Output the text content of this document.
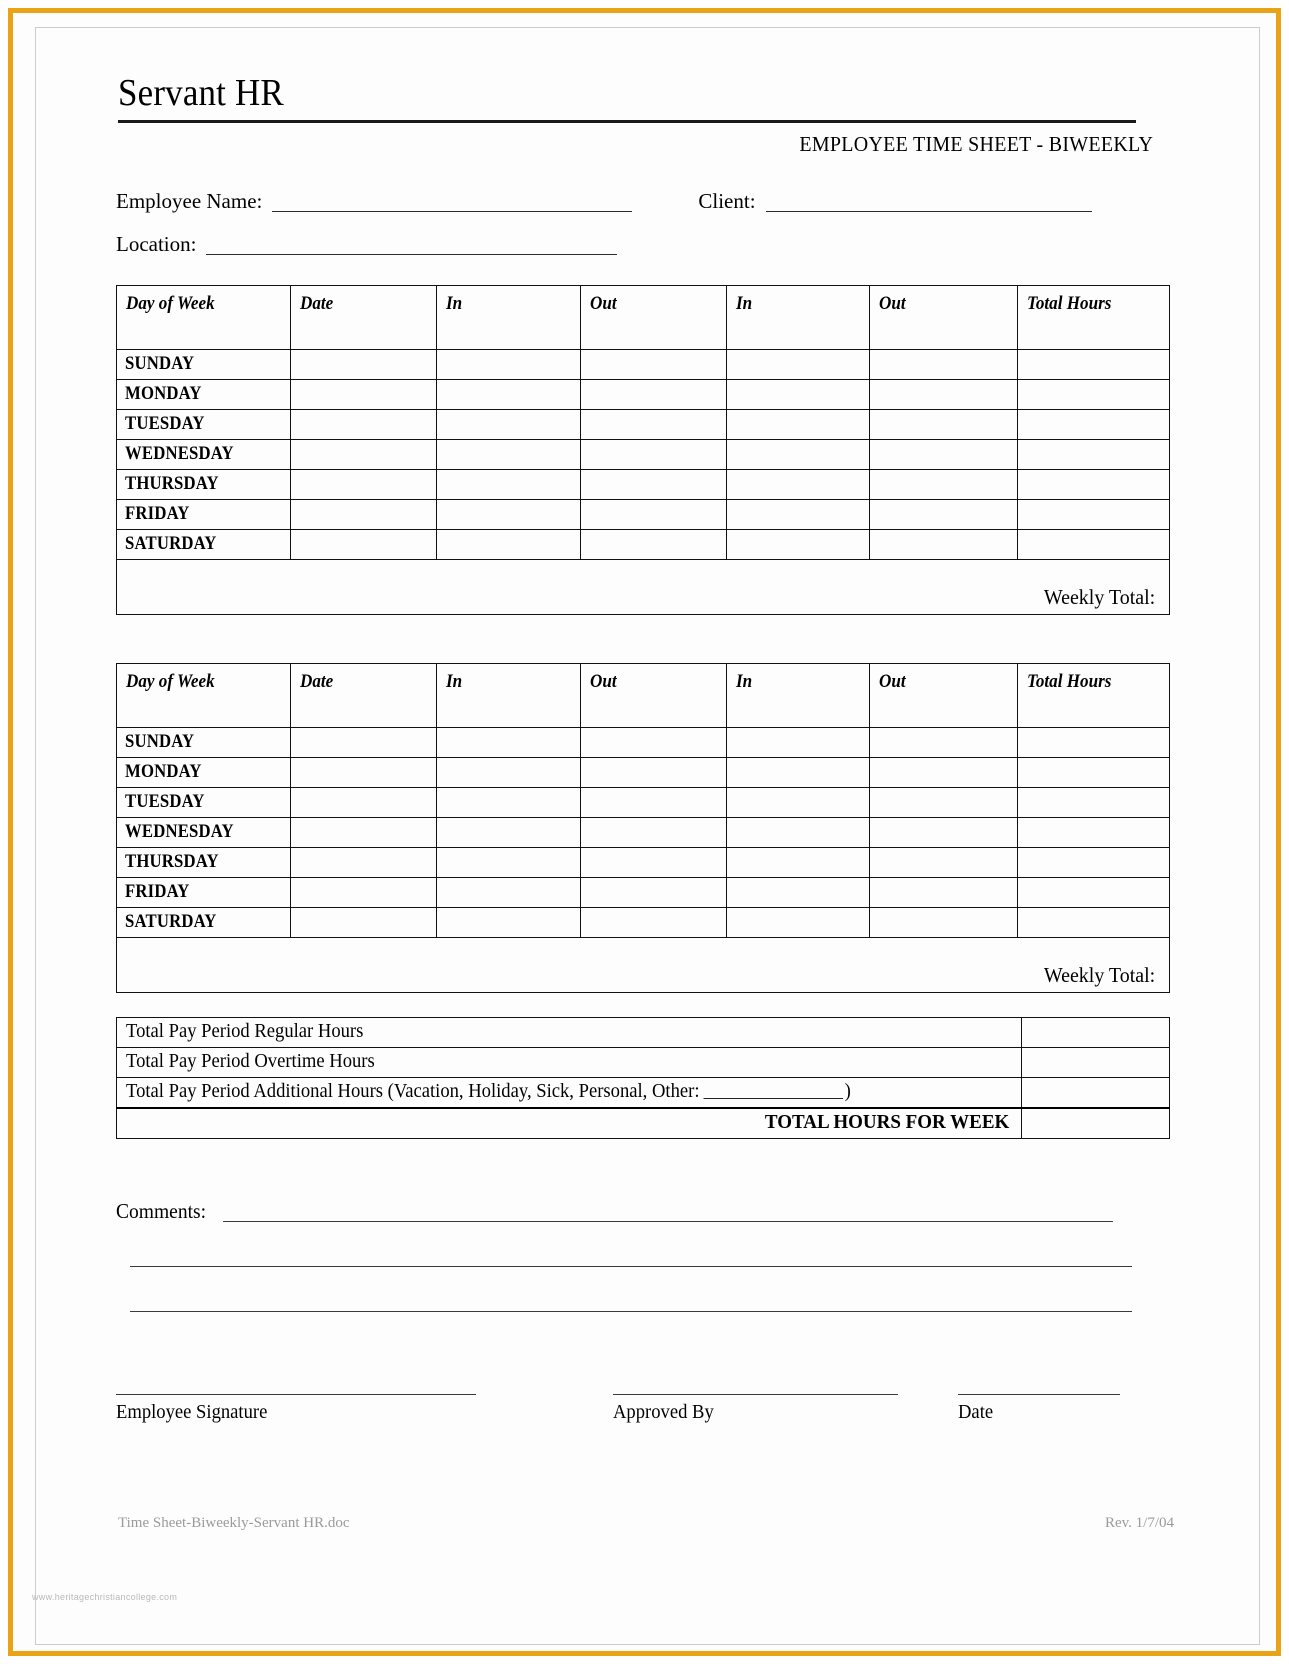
Servant HR
EMPLOYEE TIME SHEET - BIWEEKLY
Employee Name:	Client:
Location:
Day of Week	Date	In	Out	In	Out	Total Hours
SUNDAY						
MONDAY						
TUESDAY						
WEDNESDAY						
THURSDAY						
FRIDAY						
SATURDAY						
Weekly Total:						
Day of Week	Date	In	Out	In	Out	Total Hours
SUNDAY						
MONDAY						
TUESDAY						
WEDNESDAY						
THURSDAY						
FRIDAY						
SATURDAY						
Weekly Total:						
Total Pay Period Regular Hours	
Total Pay Period Overtime Hours	
Total Pay Period Additional Hours (Vacation, Holiday, Sick, Personal, Other: )	
TOTAL HOURS FOR WEEK	
Comments:
Employee Signature	Approved By	Date
Time Sheet-Biweekly-Servant HR.doc	Rev. 1/7/04
www.heritagechristiancollege.com
